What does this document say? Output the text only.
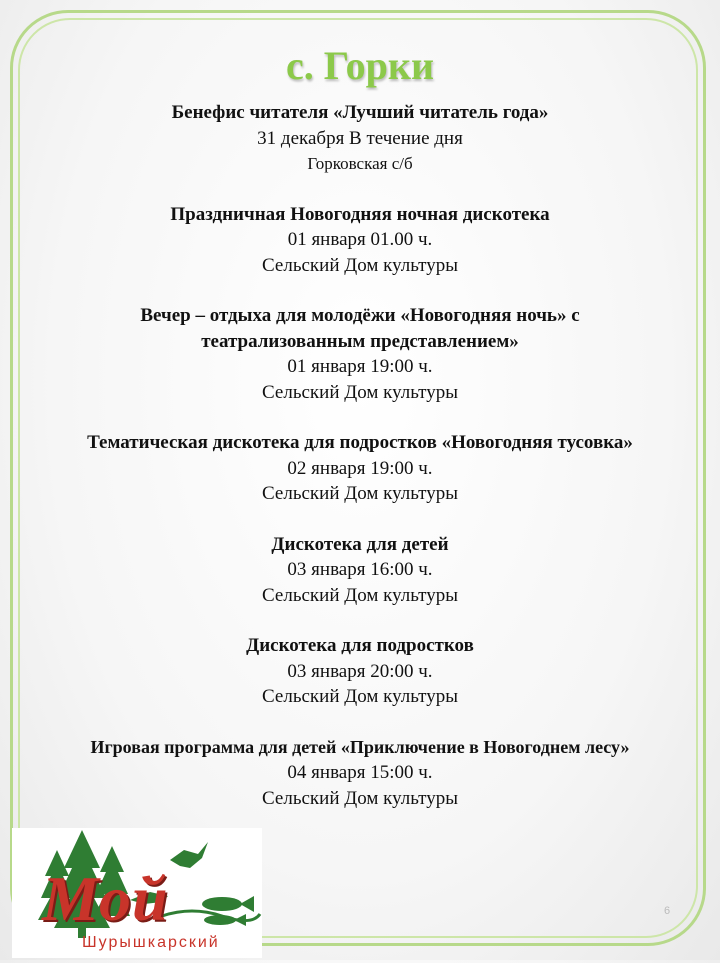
с. Горки
Бенефис читателя «Лучший читатель года»
31 декабря В течение дня
Горковская с/б
Праздничная Новогодняя ночная дискотека
01 января 01.00 ч.
Сельский Дом культуры
Вечер – отдыха для молодёжи «Новогодняя ночь» с театрализованным представлением»
01 января 19:00 ч.
Сельский Дом культуры
Тематическая дискотека для подростков «Новогодняя тусовка»
02 января 19:00 ч.
Сельский Дом культуры
Дискотека для детей
03 января 16:00 ч.
Сельский Дом культуры
Дискотека для подростков
03 января 20:00 ч.
Сельский Дом культуры
Игровая программа для детей «Приключение в Новогоднем лесу»
04 января 15:00 ч.
Сельский Дом культуры
Мой
Шурышкарский
6
